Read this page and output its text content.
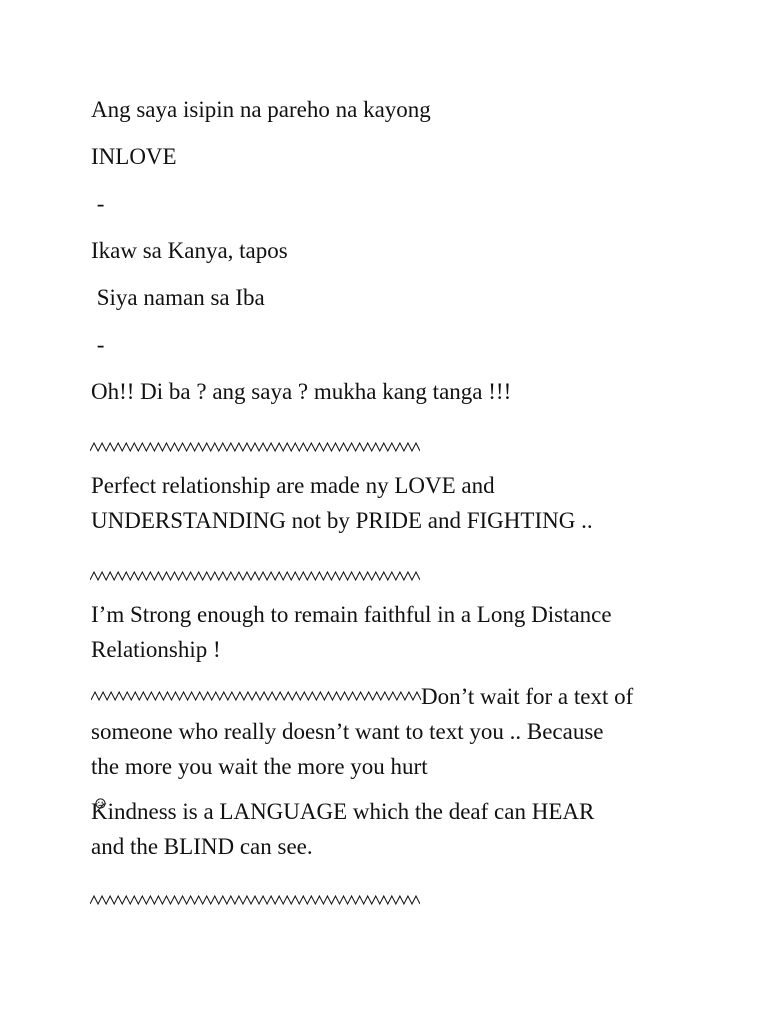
Ang saya isipin na pareho na kayong
INLOVE
-
Ikaw sa Kanya, tapos
Siya naman sa Iba
-
Oh!! Di ba ? ang saya ? mukha kang tanga !!!
Perfect relationship are made ny LOVE and
UNDERSTANDING not by PRIDE and FIGHTING ..
I’m Strong enough to remain faithful in a Long Distance
Relationship !
Don’t wait for a text of
someone who really doesn’t want to text you .. Because
the more you wait the more you hurt
Kindness is a LANGUAGE which the deaf can HEAR
and the BLIND can see.
